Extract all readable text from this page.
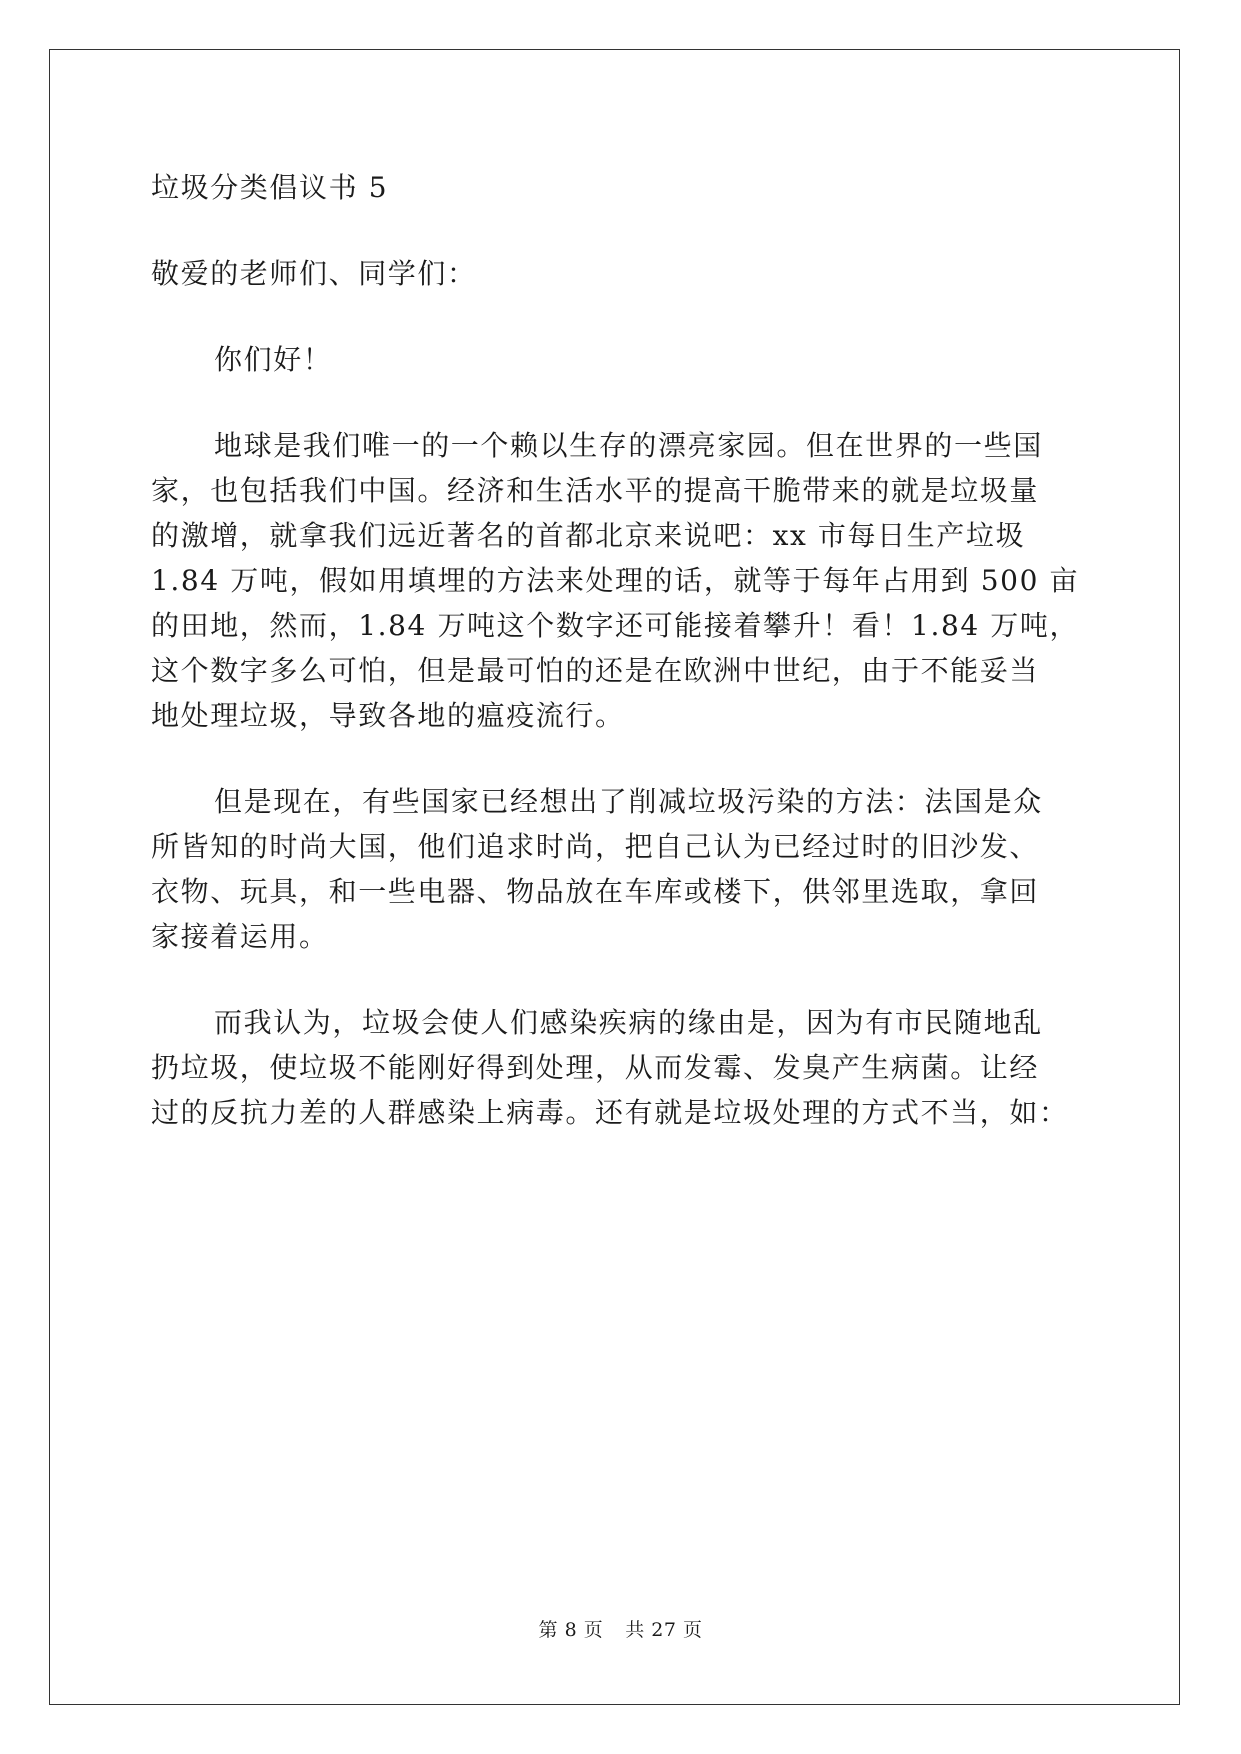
垃圾分类倡议书 5

敬爱的老师们、同学们：

你们好！

地球是我们唯一的一个赖以生存的漂亮家园。但在世界的一些国

家，也包括我们中国。经济和生活水平的提高干脆带来的就是垃圾量

的激增，就拿我们远近著名的首都北京来说吧：xx 市每日生产垃圾

1.84 万吨，假如用填埋的方法来处理的话，就等于每年占用到 500 亩

的田地，然而，1.84 万吨这个数字还可能接着攀升！看！1.84 万吨，

这个数字多么可怕，但是最可怕的还是在欧洲中世纪，由于不能妥当

地处理垃圾，导致各地的瘟疫流行。

但是现在，有些国家已经想出了削减垃圾污染的方法：法国是众

所皆知的时尚大国，他们追求时尚，把自己认为已经过时的旧沙发、

衣物、玩具，和一些电器、物品放在车库或楼下，供邻里选取，拿回

家接着运用。

而我认为，垃圾会使人们感染疾病的缘由是，因为有市民随地乱

扔垃圾，使垃圾不能刚好得到处理，从而发霉、发臭产生病菌。让经

过的反抗力差的人群感染上病毒。还有就是垃圾处理的方式不当，如：

第 8 页 共 27 页
